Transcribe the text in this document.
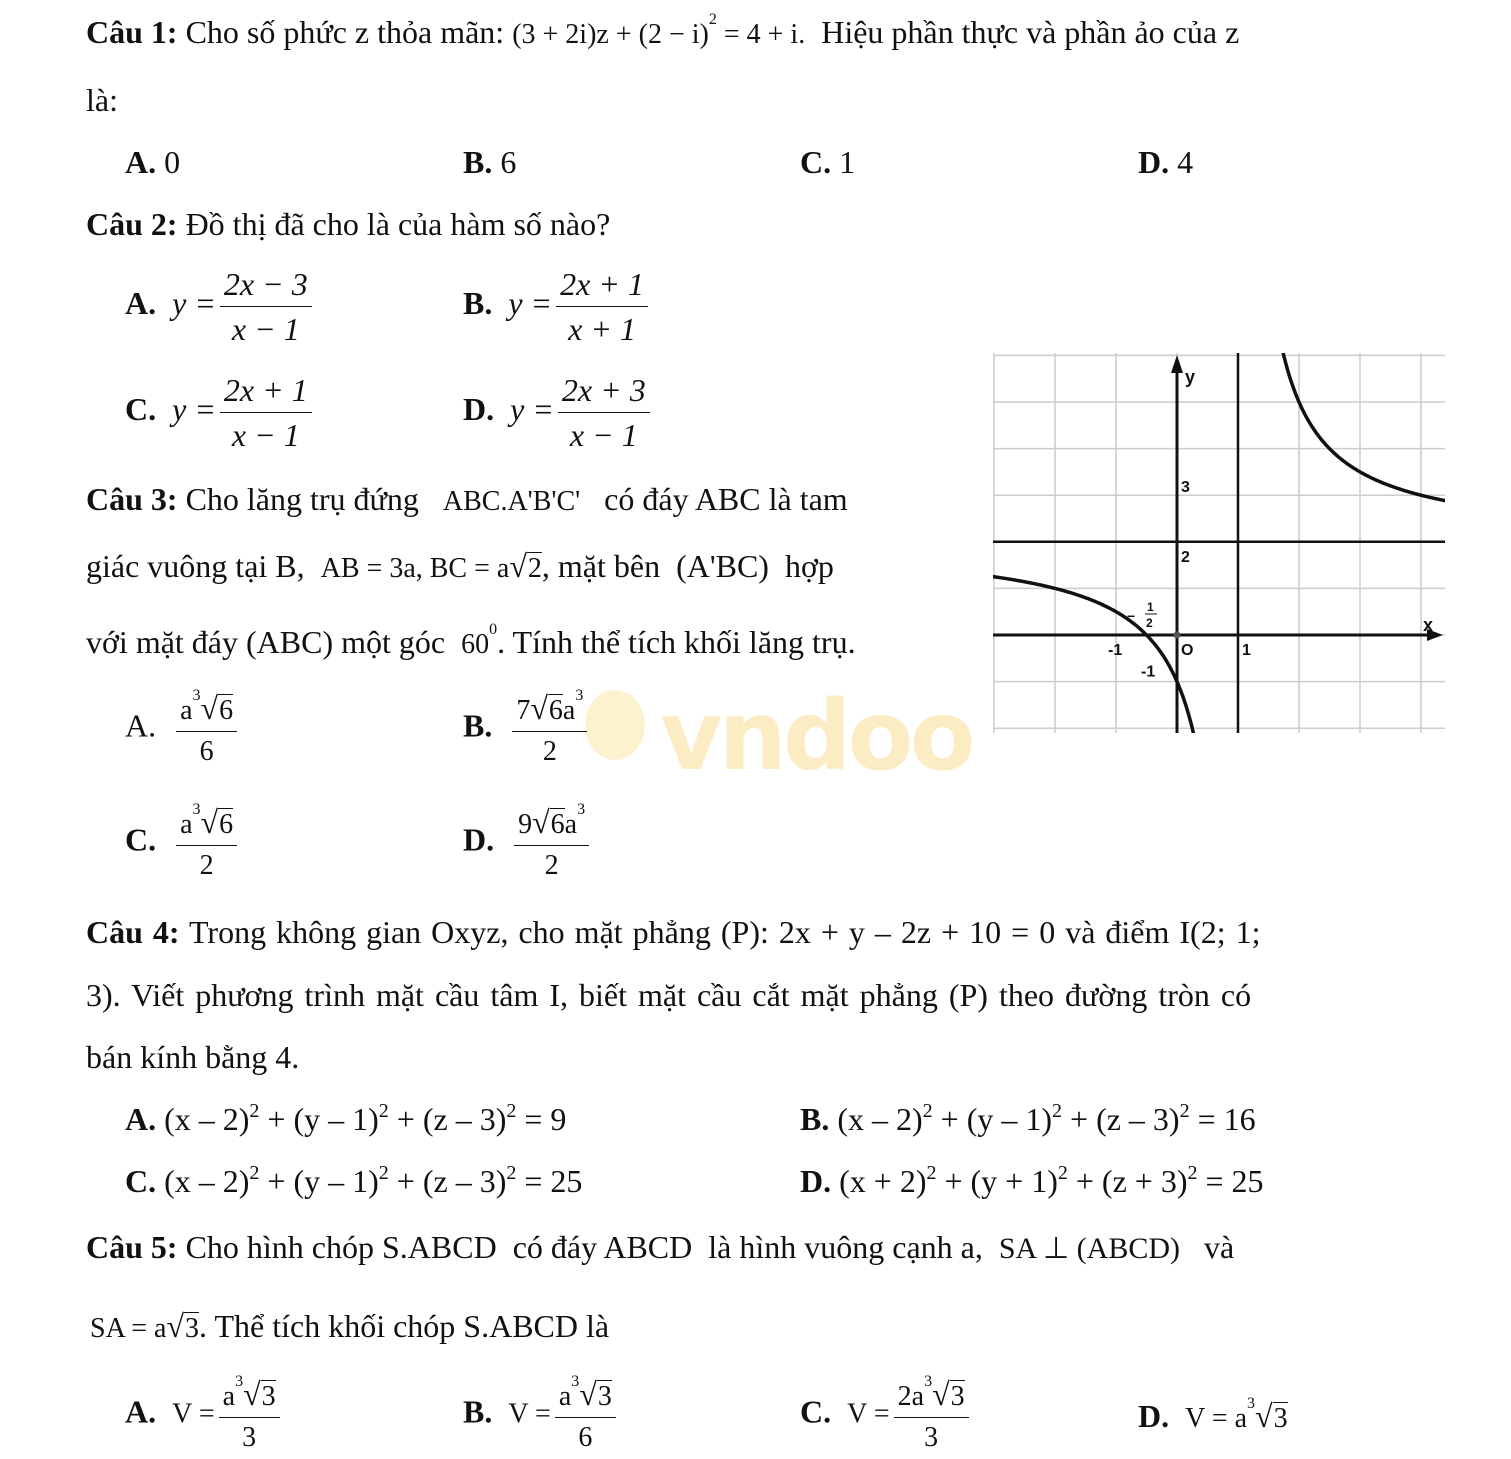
vndoo
Câu 1: Cho số phức z thỏa mãn: $(3 + 2i)z + (2 - i)^2 = 4 + i$. Hiệu phần thực và phần ảo của z
là:
A. 0	B. 6	C. 1	D. 4
Câu 2: Đồ thị đã cho là của hàm số nào?
A. $y = \frac{2x - 3}{x - 1}$	B. $y = \frac{2x + 1}{x + 1}$
C. $y = \frac{2x + 1}{x - 1}$	D. $y = \frac{2x + 3}{x - 1}$	y
x
O
-1	1
2
3
-1
−
1
2
Câu 3: Cho lăng trụ đứng ABC.A'B'C' có đáy ABC là tam
giác vuông tại B, AB = 3a, BC = a√2, mặt bên (A'BC) hợp
với mặt đáy (ABC) một góc $60^0$. Tính thể tích khối lăng trụ.
A. $\frac{a^3√6}{6}$	B. $\frac{7√6a^3}{2}$
C. $\frac{a^3√6}{2}$	D. $\frac{9√6a^3}{2}$
Câu 4: Trong không gian Oxyz, cho mặt phẳng (P): 2x + y – 2z + 10 = 0 và điểm I(2; 1;
3). Viết phương trình mặt cầu tâm I, biết mặt cầu cắt mặt phẳng (P) theo đường tròn có
bán kính bằng 4.
A. (x – 2)$^2$ + (y – 1)$^2$ + (z – 3)$^2$ = 9	B. (x – 2)$^2$ + (y – 1)$^2$ + (z – 3)$^2$ = 16
C. (x – 2)$^2$ + (y – 1)$^2$ + (z – 3)$^2$ = 25	D. $(x + 2)^2 + (y + 1)^2 + (z + 3)^2 = 25$
Câu 5: Cho hình chóp S.ABCD có đáy ABCD là hình vuông cạnh a, SA ⊥ (ABCD) và
SA = a√3. Thể tích khối chóp S.ABCD là
A. $V = \frac{a^3√3}{3}$	B. $V = \frac{a^3√3}{6}$	C. $V = \frac{2a^3√3}{3}$	D. $V = a^3√3$
